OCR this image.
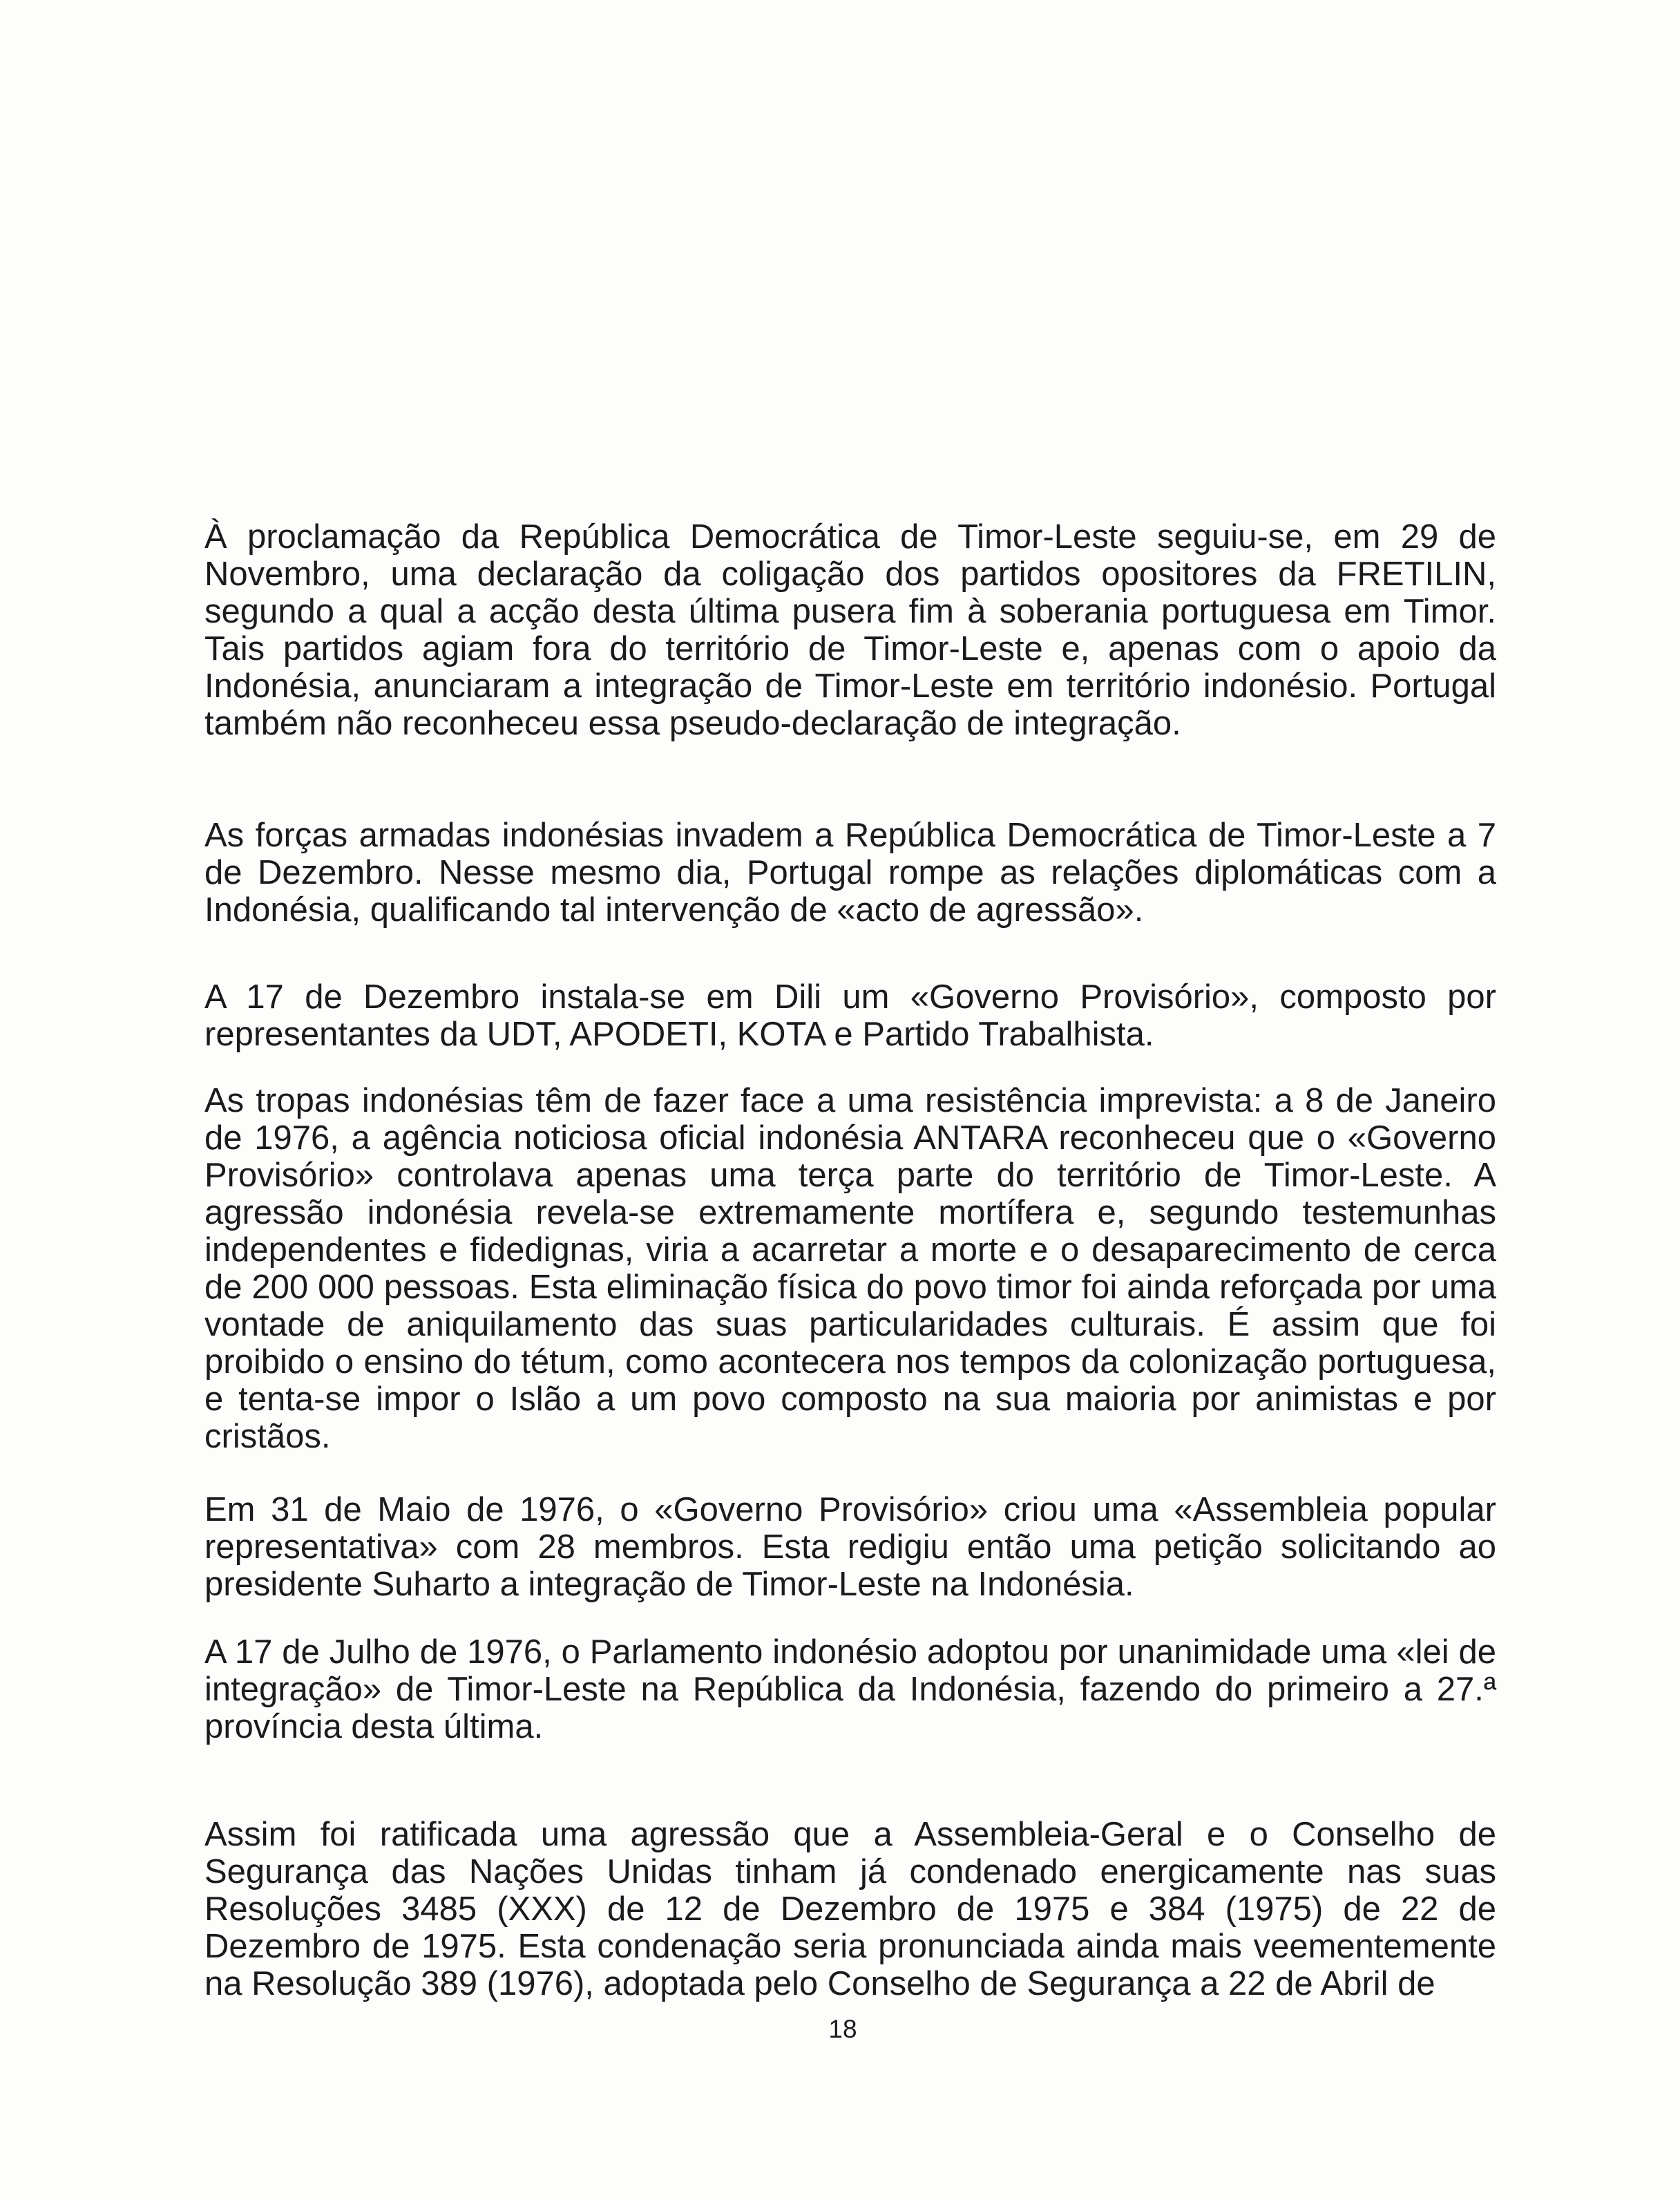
À proclamação da República Democrática de Timor-Leste seguiu-se, em 29 de Novembro, uma declaração da coligação dos partidos opositores da FRETILIN, segundo a qual a acção desta última pusera fim à soberania portuguesa em Timor. Tais partidos agiam fora do território de Timor-Leste e, apenas com o apoio da Indonésia, anunciaram a integração de Timor-Leste em território indonésio. Portugal também não reconheceu essa pseudo-declaração de integração.

As forças armadas indonésias invadem a República Democrática de Timor-Leste a 7 de Dezembro. Nesse mesmo dia, Portugal rompe as relações diplomáticas com a Indonésia, qualificando tal intervenção de «acto de agressão».

A 17 de Dezembro instala-se em Dili um «Governo Provisório», composto por representantes da UDT, APODETI, KOTA e Partido Trabalhista.

As tropas indonésias têm de fazer face a uma resistência imprevista: a 8 de Janeiro de 1976, a agência noticiosa oficial indonésia ANTARA reconheceu que o «Governo Provisório» controlava apenas uma terça parte do território de Timor-Leste. A agressão indonésia revela-se extremamente mortífera e, segundo testemunhas independentes e fidedignas, viria a acarretar a morte e o desaparecimento de cerca de 200 000 pessoas. Esta eliminação física do povo timor foi ainda reforçada por uma vontade de aniquilamento das suas particularidades culturais. É assim que foi proibido o ensino do tétum, como acontecera nos tempos da colonização portuguesa, e tenta-se impor o Islão a um povo composto na sua maioria por animistas e por cristãos.

Em 31 de Maio de 1976, o «Governo Provisório» criou uma «Assembleia popular representativa» com 28 membros. Esta redigiu então uma petição solicitando ao presidente Suharto a integração de Timor-Leste na Indonésia.

A 17 de Julho de 1976, o Parlamento indonésio adoptou por unanimidade uma «lei de integração» de Timor-Leste na República da Indonésia, fazendo do primeiro a 27.ª província desta última.

Assim foi ratificada uma agressão que a Assembleia-Geral e o Conselho de Segurança das Nações Unidas tinham já condenado energicamente nas suas Resoluções 3485 (XXX) de 12 de Dezembro de 1975 e 384 (1975) de 22 de Dezembro de 1975. Esta condenação seria pronunciada ainda mais veementemente na Resolução 389 (1976), adoptada pelo Conselho de Segurança a 22 de Abril de

18
